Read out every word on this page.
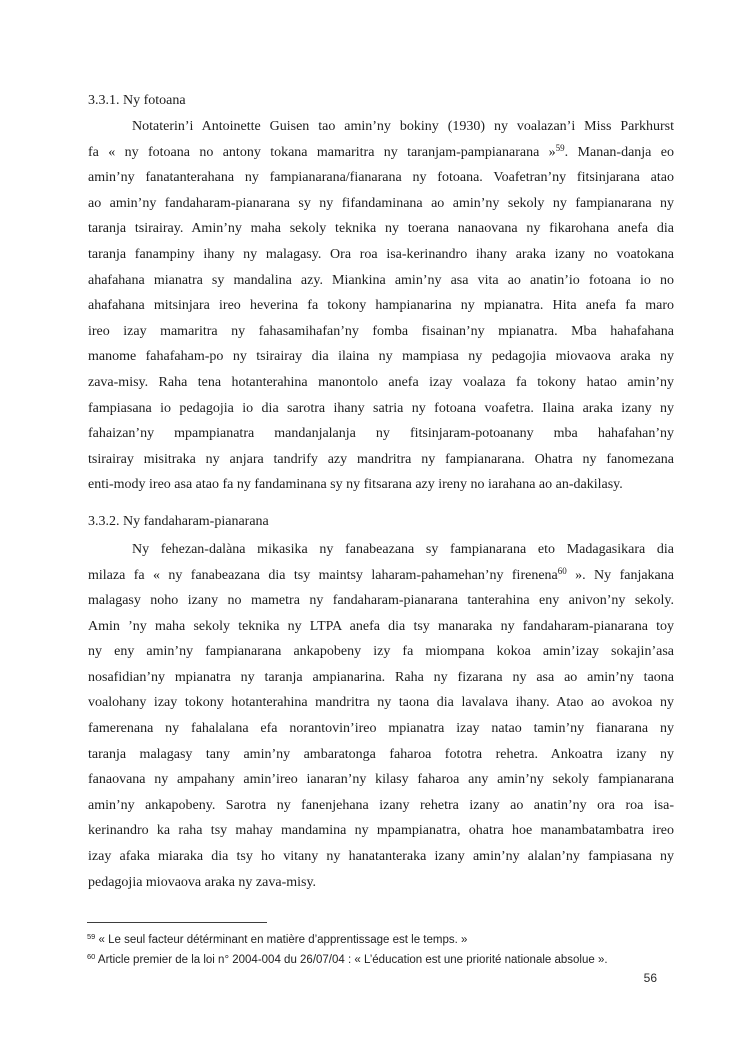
3.3.1. Ny fotoana
Notaterin’i Antoinette Guisen tao amin’ny bokiny (1930) ny voalazan’i Miss Parkhurst
fa « ny fotoana no antony tokana mamaritra ny taranjam-pampianarana »$^{59}$. Manan-danja eo
amin’ny fanatanterahana ny fampianarana/fianarana ny fotoana. Voafetran’ny fitsinjarana atao
ao amin’ny fandaharam-pianarana sy ny fifandaminana ao amin’ny sekoly ny fampianarana ny
taranja tsirairay. Amin’ny maha sekoly teknika ny toerana nanaovana ny fikarohana anefa dia
taranja fanampiny ihany ny malagasy. Ora roa isa-kerinandro ihany araka izany no voatokana
ahafahana mianatra sy mandalina azy. Miankina amin’ny asa vita ao anatin’io fotoana io no
ahafahana mitsinjara ireo heverina fa tokony hampianarina ny mpianatra. Hita anefa fa maro
ireo izay mamaritra ny fahasamihafan’ny fomba fisainan’ny mpianatra. Mba hahafahana
manome fahafaham-po ny tsirairay dia ilaina ny mampiasa ny pedagojia miovaova araka ny
zava-misy. Raha tena hotanterahina manontolo anefa izay voalaza fa tokony hatao amin’ny
fampiasana io pedagojia io dia sarotra ihany satria ny fotoana voafetra. Ilaina araka izany ny
fahaizan’ny mpampianatra mandanjalanja ny fitsinjaram-potoanany mba hahafahan’ny
tsirairay misitraka ny anjara tandrify azy mandritra ny fampianarana. Ohatra ny fanomezana
enti-mody ireo asa atao fa ny fandaminana sy ny fitsarana azy ireny no iarahana ao an-dakilasy.
3.3.2. Ny fandaharam-pianarana
Ny fehezan-dalàna mikasika ny fanabeazana sy fampianarana eto Madagasikara dia
milaza fa « ny fanabeazana dia tsy maintsy laharam-pahamehan’ny firenena$^{60}$ ». Ny fanjakana
malagasy noho izany no mametra ny fandaharam-pianarana tanterahina eny anivon’ny sekoly.
Amin ’ny maha sekoly teknika ny LTPA anefa dia tsy manaraka ny fandaharam-pianarana toy
ny eny amin’ny fampianarana ankapobeny izy fa miompana kokoa amin’izay sokajin’asa
nosafidian’ny mpianatra ny taranja ampianarina. Raha ny fizarana ny asa ao amin’ny taona
voalohany izay tokony hotanterahina mandritra ny taona dia lavalava ihany. Atao ao avokoa ny
famerenana ny fahalalana efa norantovin’ireo mpianatra izay natao tamin’ny fianarana ny
taranja malagasy tany amin’ny ambaratonga faharoa fototra rehetra. Ankoatra izany ny
fanaovana ny ampahany amin’ireo ianaran’ny kilasy faharoa any amin’ny sekoly fampianarana
amin’ny ankapobeny. Sarotra ny fanenjehana izany rehetra izany ao anatin’ny ora roa isa-
kerinandro ka raha tsy mahay mandamina ny mpampianatra, ohatra hoe manambatambatra ireo
izay afaka miaraka dia tsy ho vitany ny hanatanteraka izany amin’ny alalan’ny fampiasana ny
pedagojia miovaova araka ny zava-misy.
$^{59}$ « Le seul facteur détérminant en matière d’apprentissage est le temps. »
$^{60}$ Article premier de la loi n° 2004-004 du 26/07/04 : « L’éducation est une priorité nationale absolue ».
56
